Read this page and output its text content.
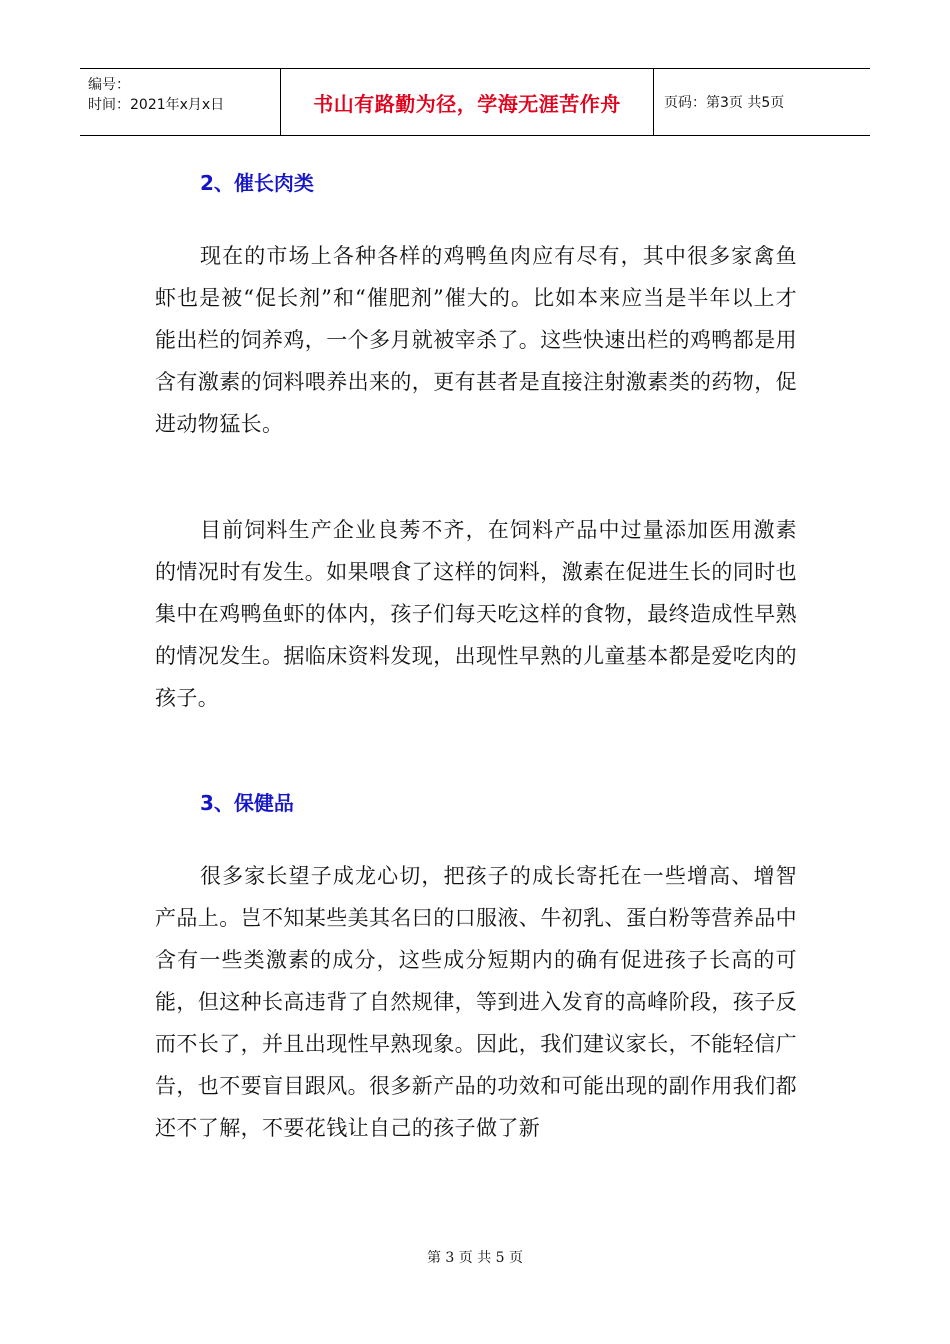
编号：
时间：2021年x月x日	书山有路勤为径，学海无涯苦作舟	页码：第3页 共5页
2、催长肉类

现在的市场上各种各样的鸡鸭鱼肉应有尽有，其中很多家禽鱼虾也是被“促长剂”和“催肥剂”催大的。比如本来应当是半年以上才能出栏的饲养鸡，一个多月就被宰杀了。这些快速出栏的鸡鸭都是用含有激素的饲料喂养出来的，更有甚者是直接注射激素类的药物，促进动物猛长。

目前饲料生产企业良莠不齐，在饲料产品中过量添加医用激素的情况时有发生。如果喂食了这样的饲料，激素在促进生长的同时也集中在鸡鸭鱼虾的体内，孩子们每天吃这样的食物，最终造成性早熟的情况发生。据临床资料发现，出现性早熟的儿童基本都是爱吃肉的孩子。

3、保健品

很多家长望子成龙心切，把孩子的成长寄托在一些增高、增智产品上。岂不知某些美其名曰的口服液、牛初乳、蛋白粉等营养品中含有一些类激素的成分，这些成分短期内的确有促进孩子长高的可能，但这种长高违背了自然规律，等到进入发育的高峰阶段，孩子反而不长了，并且出现性早熟现象。因此，我们建议家长，不能轻信广告，也不要盲目跟风。很多新产品的功效和可能出现的副作用我们都还不了解，不要花钱让自己的孩子做了新

第 3 页 共 5 页
